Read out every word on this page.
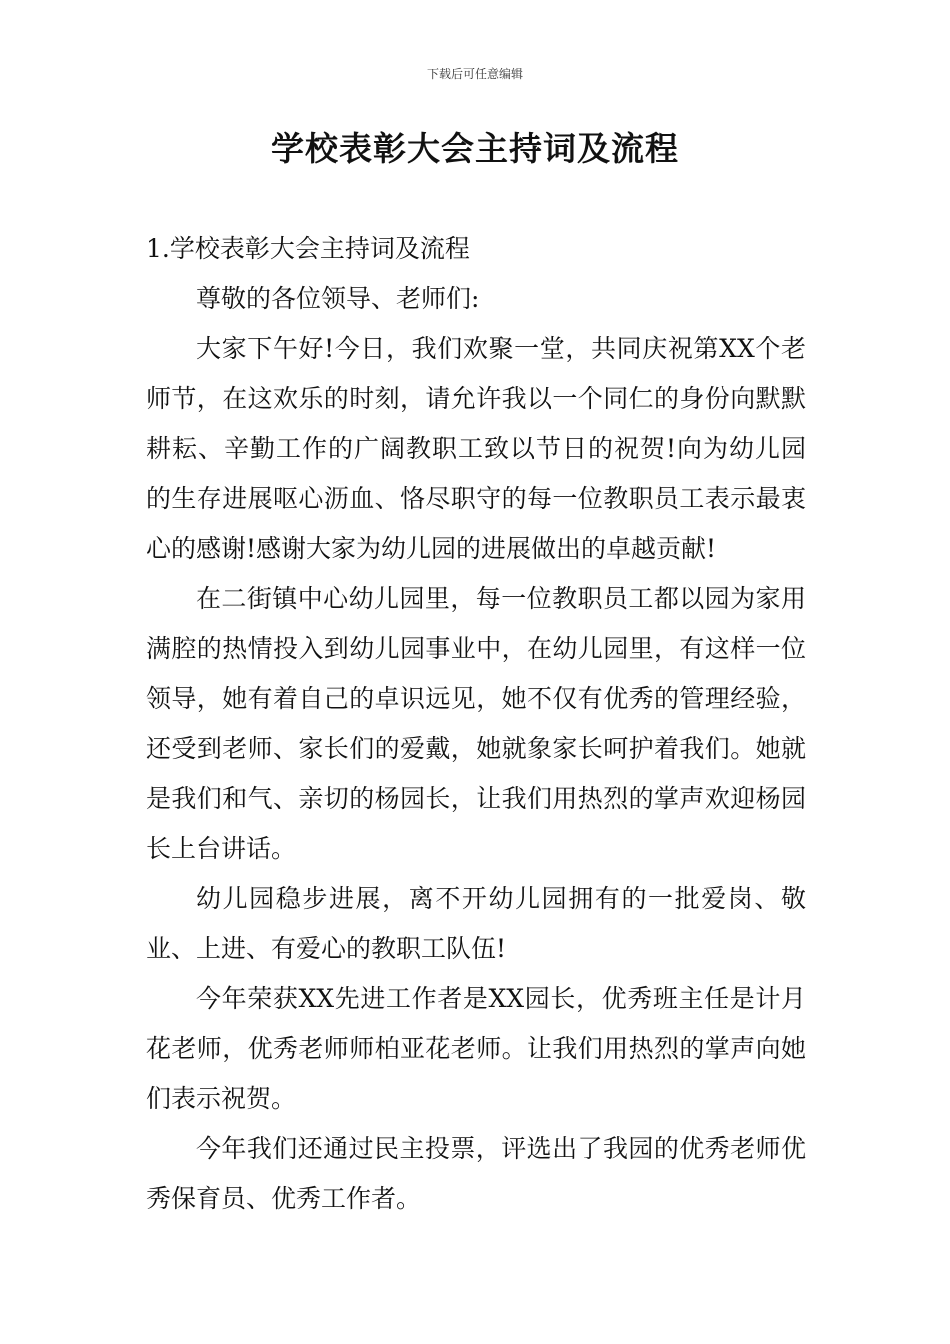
下载后可任意编辑
学校表彰大会主持词及流程

1.学校表彰大会主持词及流程

尊敬的各位领导、老师们:

大家下午好!今日，我们欢聚一堂，共同庆祝第XX个老师节，在这欢乐的时刻，请允许我以一个同仁的身份向默默耕耘、辛勤工作的广阔教职工致以节日的祝贺!向为幼儿园的生存进展呕心沥血、恪尽职守的每一位教职员工表示最衷心的感谢!感谢大家为幼儿园的进展做出的卓越贡献!

在二街镇中心幼儿园里，每一位教职员工都以园为家用满腔的热情投入到幼儿园事业中，在幼儿园里，有这样一位领导，她有着自己的卓识远见，她不仅有优秀的管理经验，还受到老师、家长们的爱戴，她就象家长呵护着我们。她就是我们和气、亲切的杨园长，让我们用热烈的掌声欢迎杨园长上台讲话。

幼儿园稳步进展，离不开幼儿园拥有的一批爱岗、敬业、上进、有爱心的教职工队伍!

今年荣获XX先进工作者是XX园长，优秀班主任是计月花老师，优秀老师师柏亚花老师。让我们用热烈的掌声向她们表示祝贺。

今年我们还通过民主投票，评选出了我园的优秀老师优秀保育员、优秀工作者。
